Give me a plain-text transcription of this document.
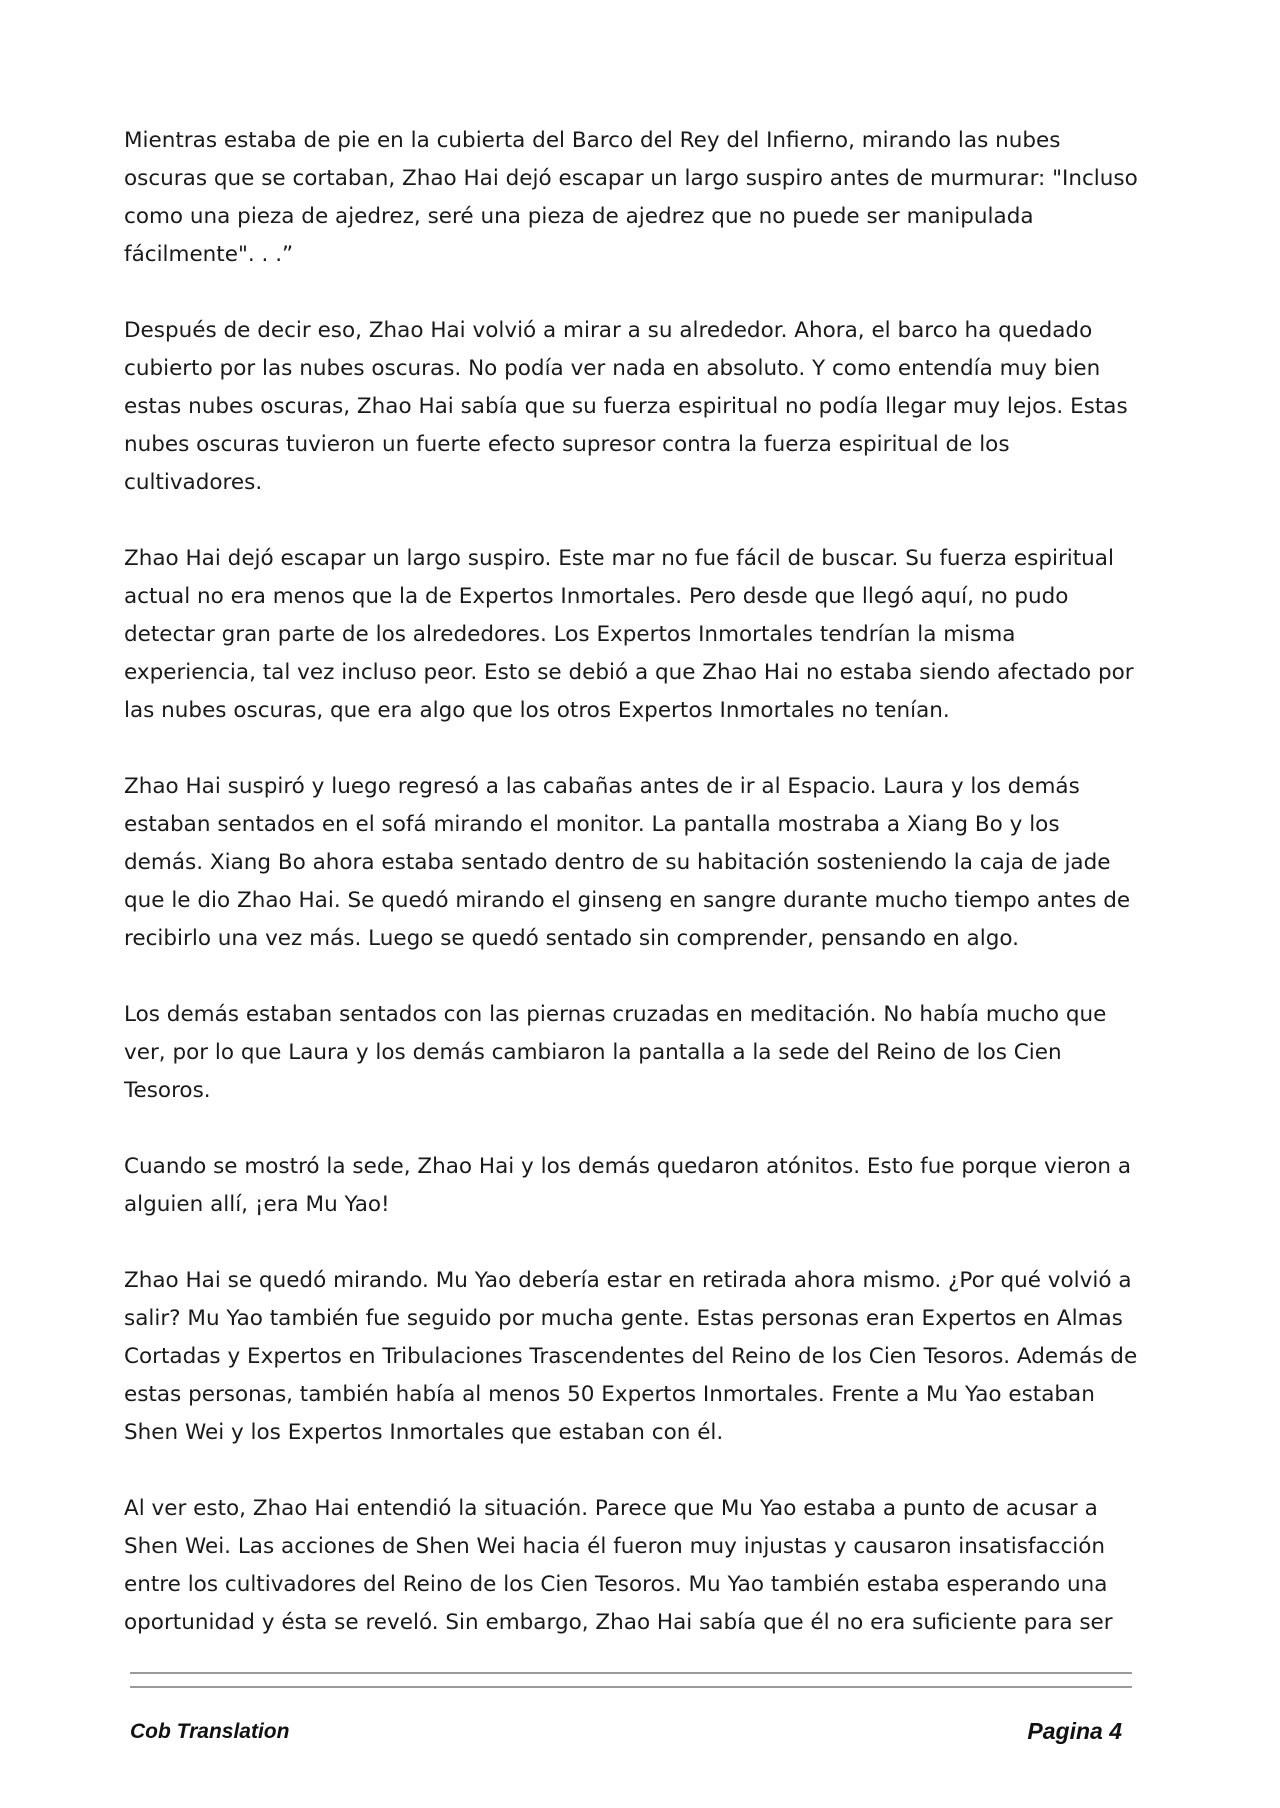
Mientras estaba de pie en la cubierta del Barco del Rey del Infierno, mirando las nubes oscuras que se cortaban, Zhao Hai dejó escapar un largo suspiro antes de murmurar: "Incluso como una pieza de ajedrez, seré una pieza de ajedrez que no puede ser manipulada fácilmente". . .”

Después de decir eso, Zhao Hai volvió a mirar a su alrededor. Ahora, el barco ha quedado cubierto por las nubes oscuras. No podía ver nada en absoluto. Y como entendía muy bien estas nubes oscuras, Zhao Hai sabía que su fuerza espiritual no podía llegar muy lejos. Estas nubes oscuras tuvieron un fuerte efecto supresor contra la fuerza espiritual de los cultivadores.

Zhao Hai dejó escapar un largo suspiro. Este mar no fue fácil de buscar. Su fuerza espiritual actual no era menos que la de Expertos Inmortales. Pero desde que llegó aquí, no pudo detectar gran parte de los alrededores. Los Expertos Inmortales tendrían la misma experiencia, tal vez incluso peor. Esto se debió a que Zhao Hai no estaba siendo afectado por las nubes oscuras, que era algo que los otros Expertos Inmortales no tenían.

Zhao Hai suspiró y luego regresó a las cabañas antes de ir al Espacio. Laura y los demás estaban sentados en el sofá mirando el monitor. La pantalla mostraba a Xiang Bo y los demás. Xiang Bo ahora estaba sentado dentro de su habitación sosteniendo la caja de jade que le dio Zhao Hai. Se quedó mirando el ginseng en sangre durante mucho tiempo antes de recibirlo una vez más. Luego se quedó sentado sin comprender, pensando en algo.

Los demás estaban sentados con las piernas cruzadas en meditación. No había mucho que ver, por lo que Laura y los demás cambiaron la pantalla a la sede del Reino de los Cien Tesoros.

Cuando se mostró la sede, Zhao Hai y los demás quedaron atónitos. Esto fue porque vieron a alguien allí, ¡era Mu Yao!

Zhao Hai se quedó mirando. Mu Yao debería estar en retirada ahora mismo. ¿Por qué volvió a salir? Mu Yao también fue seguido por mucha gente. Estas personas eran Expertos en Almas Cortadas y Expertos en Tribulaciones Trascendentes del Reino de los Cien Tesoros. Además de estas personas, también había al menos 50 Expertos Inmortales. Frente a Mu Yao estaban Shen Wei y los Expertos Inmortales que estaban con él.

Al ver esto, Zhao Hai entendió la situación. Parece que Mu Yao estaba a punto de acusar a Shen Wei. Las acciones de Shen Wei hacia él fueron muy injustas y causaron insatisfacción entre los cultivadores del Reino de los Cien Tesoros. Mu Yao también estaba esperando una oportunidad y ésta se reveló. Sin embargo, Zhao Hai sabía que él no era suficiente para ser

Cob Translation	Pagina 4
